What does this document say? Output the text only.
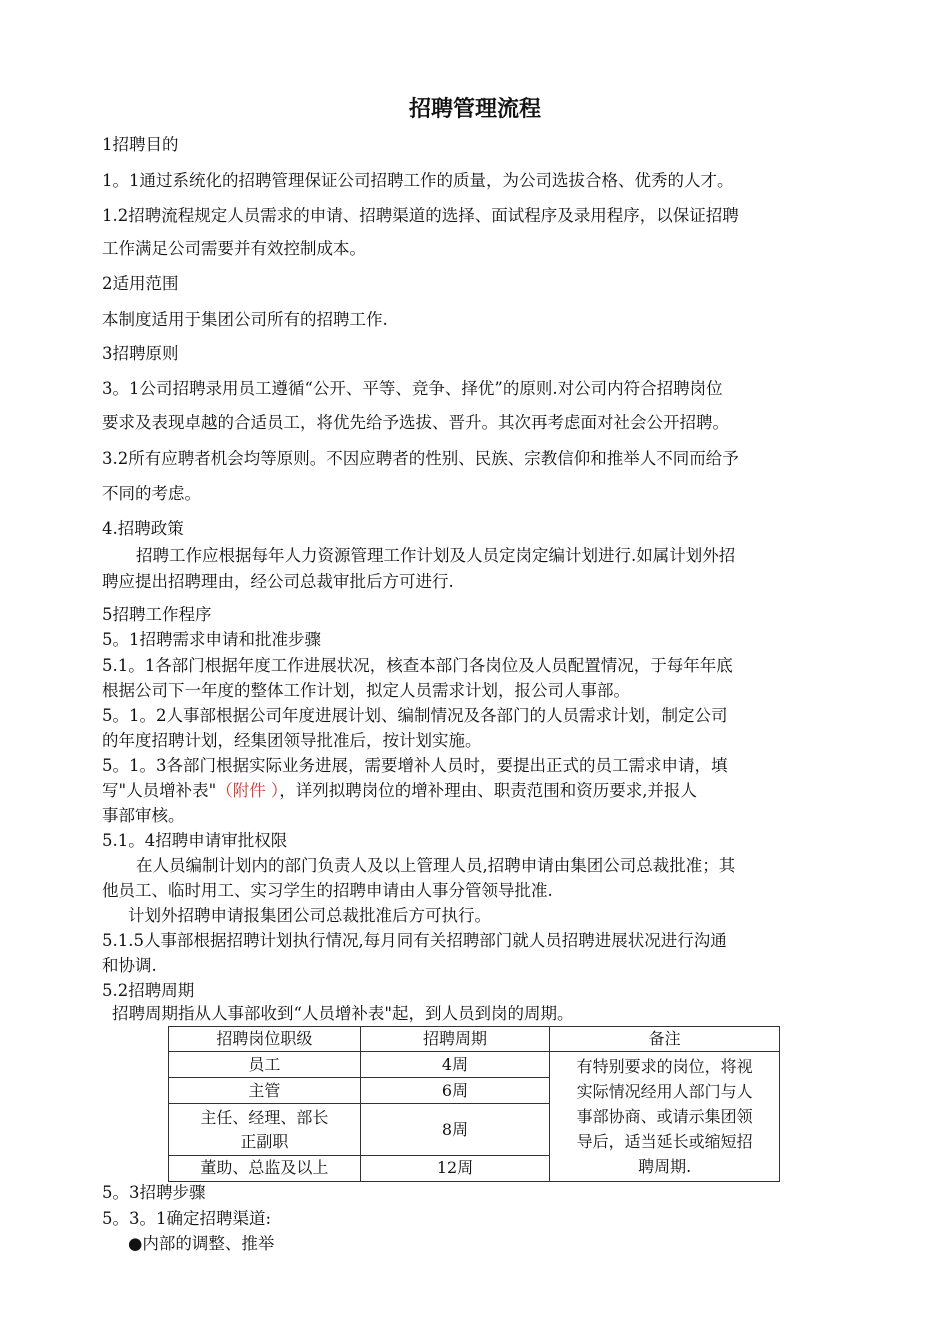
招聘管理流程
1招聘目的
1。1通过系统化的招聘管理保证公司招聘工作的质量，为公司选拔合格、优秀的人才。
1.2招聘流程规定人员需求的申请、招聘渠道的选择、面试程序及录用程序，以保证招聘
工作满足公司需要并有效控制成本。
2适用范围
本制度适用于集团公司所有的招聘工作.
3招聘原则
3。1公司招聘录用员工遵循“公开、平等、竞争、择优”的原则.对公司内符合招聘岗位
要求及表现卓越的合适员工，将优先给予选拔、晋升。其次再考虑面对社会公开招聘。
3.2所有应聘者机会均等原则。不因应聘者的性别、民族、宗教信仰和推举人不同而给予
不同的考虑。
4.招聘政策
招聘工作应根据每年人力资源管理工作计划及人员定岗定编计划进行.如属计划外招
聘应提出招聘理由，经公司总裁审批后方可进行.
5招聘工作程序
5。1招聘需求申请和批准步骤
5.1。1各部门根据年度工作进展状况，核查本部门各岗位及人员配置情况，于每年年底
根据公司下一年度的整体工作计划，拟定人员需求计划，报公司人事部。
5。1。2人事部根据公司年度进展计划、编制情况及各部门的人员需求计划，制定公司
的年度招聘计划，经集团领导批准后，按计划实施。
5。1。3各部门根据实际业务进展，需要增补人员时，要提出正式的员工需求申请，填
写"人员增补表"（附件 ），详列拟聘岗位的增补理由、职责范围和资历要求,并报人
事部审核。
5.1。4招聘申请审批权限
在人员编制计划内的部门负责人及以上管理人员,招聘申请由集团公司总裁批准；其
他员工、临时用工、实习学生的招聘申请由人事分管领导批准.
计划外招聘申请报集团公司总裁批准后方可执行。
5.1.5人事部根据招聘计划执行情况,每月同有关招聘部门就人员招聘进展状况进行沟通
和协调.
5.2招聘周期
招聘周期指从人事部收到“人员增补表"起，到人员到岗的周期。
招聘岗位职级	招聘周期	备注
员工	4周	有特别要求的岗位，将视
实际情况经用人部门与人
事部协商、或请示集团领
导后，适当延长或缩短招
聘周期.

主管	6周	

主任、经理、部长
正副职	8周	
董助、总监及以上	12周	
5。3招聘步骤
5。3。1确定招聘渠道:
●内部的调整、推举
